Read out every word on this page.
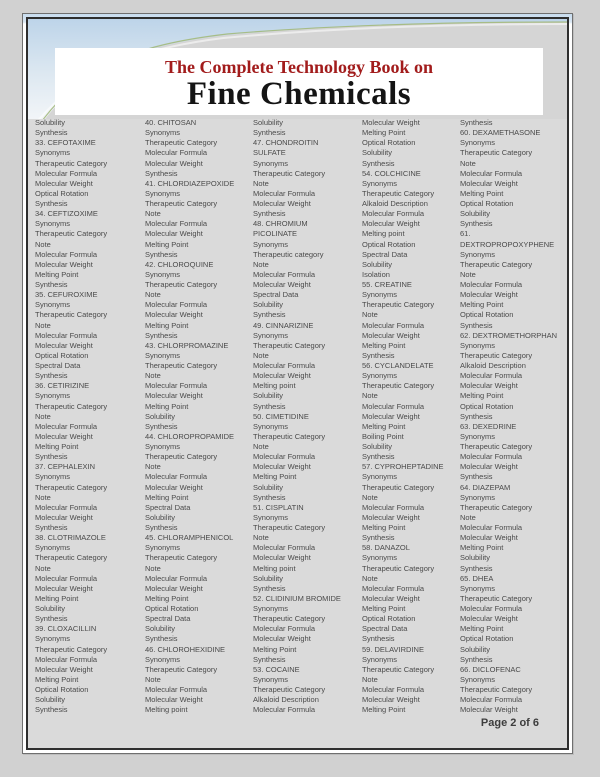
The Complete Technology Book on
Fine Chemicals
Solubility
Synthesis
33. CEFOTAXIME
Synonyms
Therapeutic Category
Molecular Formula
Molecular Weight
Optical Rotation
Synthesis
34. CEFTIZOXIME
Synonyms
Therapeutic Category
Note
Molecular Formula
Molecular Weight
Melting Point
Synthesis
35. CEFUROXIME
Synonyms
Therapeutic Category
Note
Molecular Formula
Molecular Weight
Optical Rotation
Spectral Data
Synthesis
36. CETIRIZINE
Synonyms
Therapeutic Category
Note
Molecular Formula
Molecular Weight
Melting Point
Synthesis
37. CEPHALEXIN
Synonyms
Therapeutic Category
Note
Molecular Formula
Molecular Weight
Synthesis
38. CLOTRIMAZOLE
Synonyms
Therapeutic Category
Note
Molecular Formula
Molecular Weight
Melting Point
Solubility
Synthesis
39. CLOXACILLIN
Synonyms
Therapeutic Category
Molecular Formula
Molecular Weight
Melting Point
Optical Rotation
Solubility
Synthesis
40. CHITOSAN
Synonyms
Therapeutic Category
Molecular Formula
Molecular Weight
Synthesis
41. CHLORDIAZEPOXIDE
Synonyms
Therapeutic Category
Note
Molecular Formula
Molecular Weight
Melting Point
Synthesis
42. CHLOROQUINE
Synonyms
Therapeutic Category
Note
Molecular Formula
Molecular Weight
Melting Point
Synthesis
43. CHLORPROMAZINE
Synonyms
Therapeutic Category
Note
Molecular Formula
Molecular Weight
Melting Point
Solubility
Synthesis
44. CHLOROPROPAMIDE
Synonyms
Therapeutic Category
Note
Molecular Formula
Molecular Weight
Melting Point
Spectral Data
Solubility
Synthesis
45. CHLORAMPHENICOL
Synonyms
Therapeutic Category
Note
Molecular Formula
Molecular Weight
Melting Point
Optical Rotation
Spectral Data
Solubility
Synthesis
46. CHLOROHEXIDINE
Synonyms
Therapeutic Category
Note
Molecular Formula
Molecular Weight
Melting point
Solubility
Synthesis
47. CHONDROITIN
SULFATE
Synonyms
Therapeutic Category
Note
Molecular Formula
Molecular Weight
Synthesis
48. CHROMIUM
PICOLINATE
Synonyms
Therapeutic category
Note
Molecular Formula
Molecular Weight
Spectral Data
Solubility
Synthesis
49. CINNARIZINE
Synonyms
Therapeutic Category
Note
Molecular Formula
Molecular Weight
Melting point
Solubility
Synthesis
50. CIMETIDINE
Synonyms
Therapeutic Category
Note
Molecular Formula
Molecular Weight
Melting Point
Solubility
Synthesis
51. CISPLATIN
Synonyms
Therapeutic Category
Note
Molecular Formula
Molecular Weight
Melting point
Solubility
Synthesis
52. CLIDINIUM BROMIDE
Synonyms
Therapeutic Category
Molecular Formula
Molecular Weight
Melting Point
Synthesis
53. COCAINE
Synonyms
Therapeutic Category
Alkaloid Description
Molecular Formula
Molecular Weight
Melting Point
Optical Rotation
Solubility
Synthesis
54. COLCHICINE
Synonyms
Therapeutic Category
Alkaloid Description
Molecular Formula
Molecular Weight
Melting point
Optical Rotation
Spectral Data
Solubility
Isolation
55. CREATINE
Synonyms
Therapeutic Category
Note
Molecular Formula
Molecular Weight
Melting Point
Synthesis
56. CYCLANDELATE
Synonyms
Therapeutic Category
Note
Molecular Formula
Molecular Weight
Melting Point
Boiling Point
Solubility
Synthesis
57. CYPROHEPTADINE
Synonyms
Therapeutic Category
Note
Molecular Formula
Molecular Weight
Melting Point
Synthesis
58. DANAZOL
Synonyms
Therapeutic Category
Note
Molecular Formula
Molecular Weight
Melting Point
Optical Rotation
Spectral Data
Synthesis
59. DELAVIRDINE
Synonyms
Therapeutic Category
Note
Molecular Formula
Molecular Weight
Melting Point
Synthesis
60. DEXAMETHASONE
Synonyms
Therapeutic Category
Note
Molecular Formula
Molecular Weight
Melting Point
Optical Rotation
Solubility
Synthesis
61.
DEXTROPROPOXYPHENE
Synonyms
Therapeutic Category
Note
Molecular Formula
Molecular Weight
Melting Point
Optical Rotation
Synthesis
62. DEXTROMETHORPHAN
Synonyms
Therapeutic Category
Alkaloid Description
Molecular Formula
Molecular Weight
Melting Point
Optical Rotation
Synthesis
63. DEXEDRINE
Synonyms
Therapeutic Category
Molecular Formula
Molecular Weight
Synthesis
64. DIAZEPAM
Synonyms
Therapeutic Category
Note
Molecular Formula
Molecular Weight
Melting Point
Solubility
Synthesis
65. DHEA
Synonyms
Therapeutic Category
Molecular Formula
Molecular Weight
Melting Point
Optical Rotation
Solubility
Synthesis
66. DICLOFENAC
Synonyms
Therapeutic Category
Molecular Formula
Molecular Weight
Page 2 of 6
